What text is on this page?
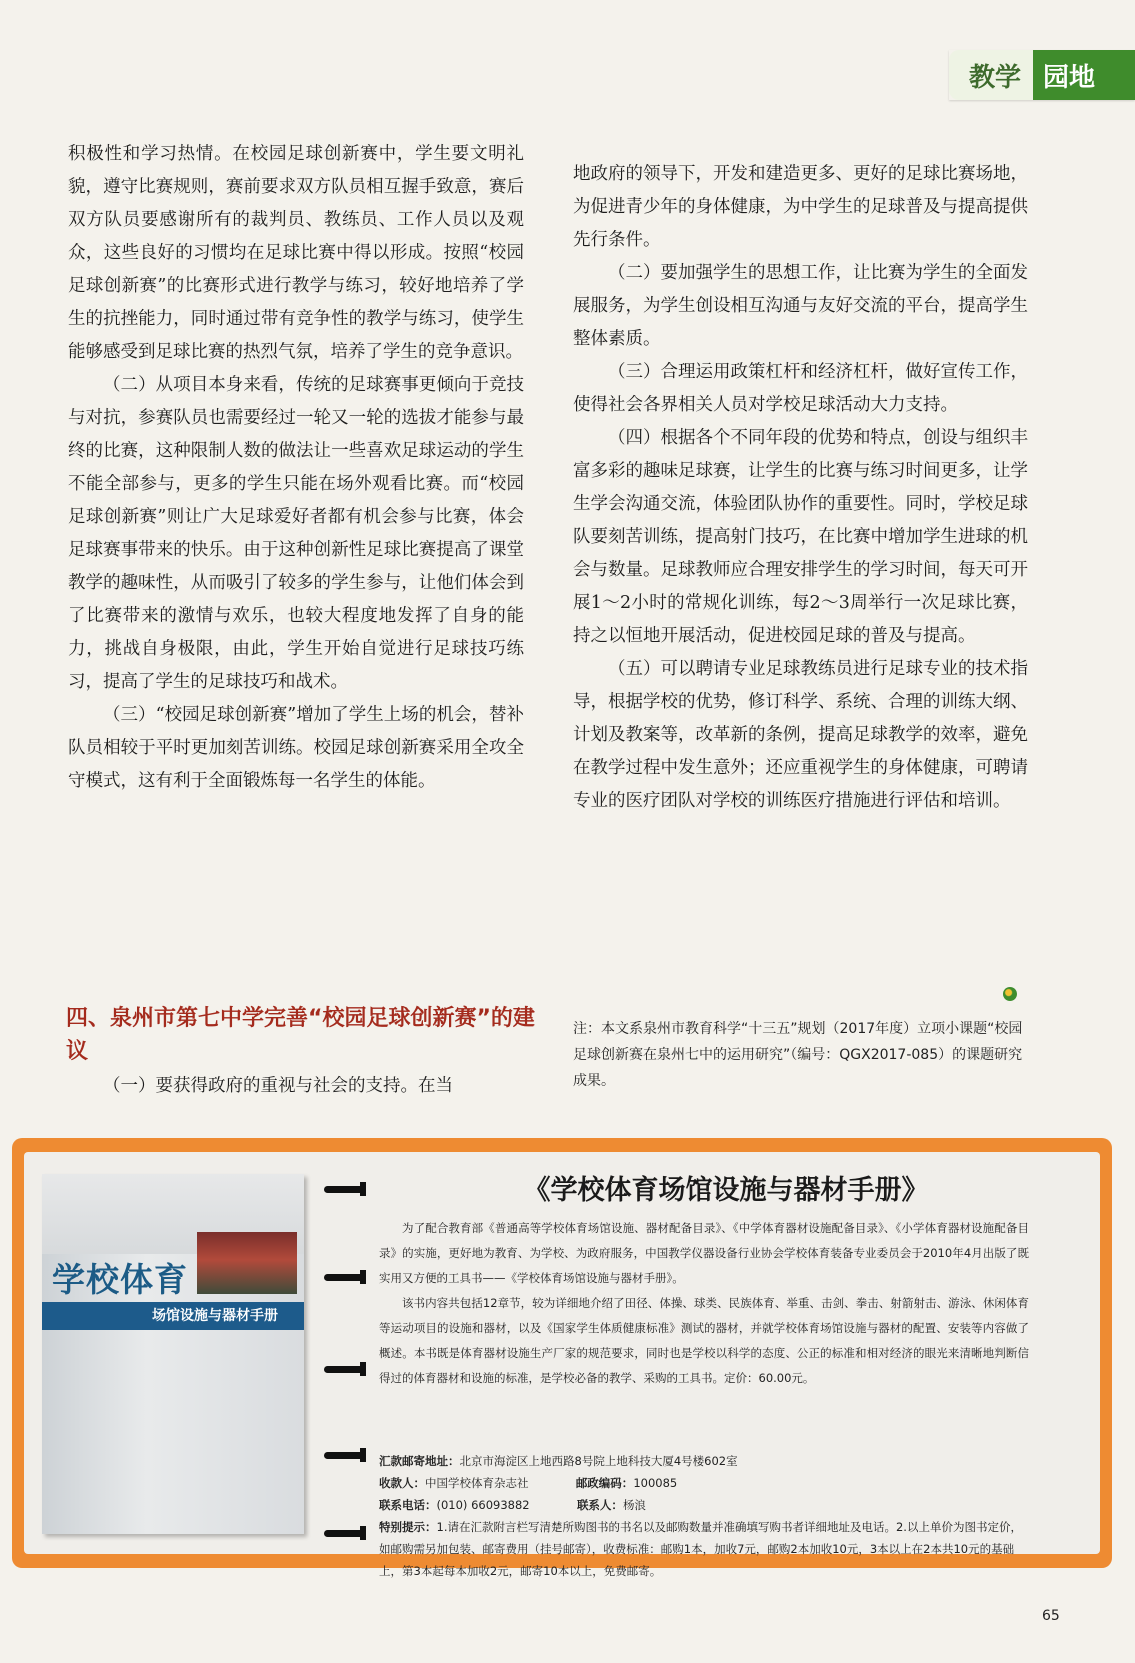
教学 园地

积极性和学习热情。在校园足球创新赛中，学生要文明礼貌，遵守比赛规则，赛前要求双方队员相互握手致意，赛后双方队员要感谢所有的裁判员、教练员、工作人员以及观众，这些良好的习惯均在足球比赛中得以形成。按照“校园足球创新赛”的比赛形式进行教学与练习，较好地培养了学生的抗挫能力，同时通过带有竞争性的教学与练习，使学生能够感受到足球比赛的热烈气氛，培养了学生的竞争意识。

（二）从项目本身来看，传统的足球赛事更倾向于竞技与对抗，参赛队员也需要经过一轮又一轮的选拔才能参与最终的比赛，这种限制人数的做法让一些喜欢足球运动的学生不能全部参与，更多的学生只能在场外观看比赛。而“校园足球创新赛”则让广大足球爱好者都有机会参与比赛，体会足球赛事带来的快乐。由于这种创新性足球比赛提高了课堂教学的趣味性，从而吸引了较多的学生参与，让他们体会到了比赛带来的激情与欢乐，也较大程度地发挥了自身的能力，挑战自身极限，由此，学生开始自觉进行足球技巧练习，提高了学生的足球技巧和战术。

（三）“校园足球创新赛”增加了学生上场的机会，替补队员相较于平时更加刻苦训练。校园足球创新赛采用全攻全守模式，这有利于全面锻炼每一名学生的体能。

四、泉州市第七中学完善“校园足球创新赛”的建议
（一）要获得政府的重视与社会的支持。在当

地政府的领导下，开发和建造更多、更好的足球比赛场地，为促进青少年的身体健康，为中学生的足球普及与提高提供先行条件。

（二）要加强学生的思想工作，让比赛为学生的全面发展服务，为学生创设相互沟通与友好交流的平台，提高学生整体素质。

（三）合理运用政策杠杆和经济杠杆，做好宣传工作，使得社会各界相关人员对学校足球活动大力支持。

（四）根据各个不同年段的优势和特点，创设与组织丰富多彩的趣味足球赛，让学生的比赛与练习时间更多，让学生学会沟通交流，体验团队协作的重要性。同时，学校足球队要刻苦训练，提高射门技巧，在比赛中增加学生进球的机会与数量。足球教师应合理安排学生的学习时间，每天可开展1～2小时的常规化训练，每2～3周举行一次足球比赛，持之以恒地开展活动，促进校园足球的普及与提高。

（五）可以聘请专业足球教练员进行足球专业的技术指导，根据学校的优势，修订科学、系统、合理的训练大纲、计划及教案等，改革新的条例，提高足球教学的效率，避免在教学过程中发生意外；还应重视学生的身体健康，可聘请专业的医疗团队对学校的训练医疗措施进行评估和培训。

注：本文系泉州市教育科学“十三五”规划（2017年度）立项小课题“校园足球创新赛在泉州七中的运用研究”（编号：QGX2017-085）的课题研究成果。
学校体育
场馆设施与器材手册
《学校体育场馆设施与器材手册》

为了配合教育部《普通高等学校体育场馆设施、器材配备目录》、《中学体育器材设施配备目录》、《小学体育器材设施配备目录》的实施，更好地为教育、为学校、为政府服务，中国教学仪器设备行业协会学校体育装备专业委员会于2010年4月出版了既实用又方便的工具书——《学校体育场馆设施与器材手册》。

该书内容共包括12章节，较为详细地介绍了田径、体操、球类、民族体育、举重、击剑、拳击、射箭射击、游泳、休闲体育等运动项目的设施和器材，以及《国家学生体质健康标准》测试的器材，并就学校体育场馆设施与器材的配置、安装等内容做了概述。本书既是体育器材设施生产厂家的规范要求，同时也是学校以科学的态度、公正的标准和相对经济的眼光来清晰地判断信得过的体育器材和设施的标准，是学校必备的教学、采购的工具书。定价：60.00元。

汇款邮寄地址：北京市海淀区上地西路8号院上地科技大厦4号楼602室
收款人：中国学校体育杂志社	邮政编码：100085
联系电话：(010) 66093882	联系人：杨浪
特别提示：1.请在汇款附言栏写清楚所购图书的书名以及邮购数量并准确填写购书者详细地址及电话。2.以上单价为图书定价，如邮购需另加包装、邮寄费用（挂号邮寄），收费标准：邮购1本，加收7元，邮购2本加收10元，3本以上在2本共10元的基础上，第3本起每本加收2元，邮寄10本以上，免费邮寄。
65
